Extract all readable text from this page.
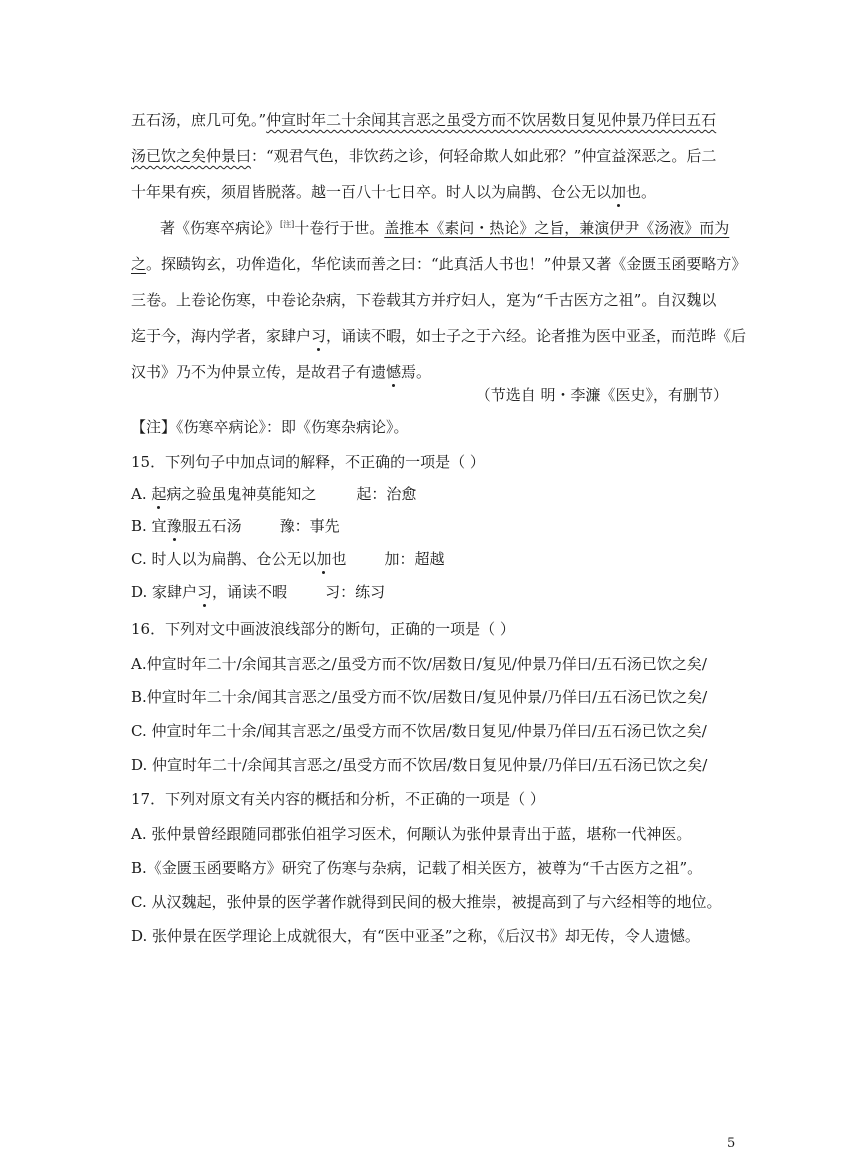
五石汤，庶几可免。”仲宣时年二十余闻其言恶之虽受方而不饮居数日复见仲景乃佯曰五石
汤已饮之矣仲景曰：“观君气色，非饮药之诊，何轻命欺人如此邪？”仲宣益深恶之。后二
十年果有疾，须眉皆脱落。越一百八十七日卒。时人以为扁鹊、仓公无以加也。
著《伤寒卒病论》[注]十卷行于世。盖推本《素问・热论》之旨，兼演伊尹《汤液》而为
之。探赜钩玄，功侔造化，华佗读而善之曰：“此真活人书也！”仲景又著《金匮玉函要略方》
三卷。上卷论伤寒，中卷论杂病，下卷载其方并疗妇人，寔为“千古医方之祖”。自汉魏以
迄于今，海内学者，家肆户习，诵读不暇，如士子之于六经。论者推为医中亚圣，而范晔《后
汉书》乃不为仲景立传，是故君子有遗憾焉。
（节选自 明・李濂《医史》，有删节）
【注】《伤寒卒病论》：即《伤寒杂病论》。
15．下列句子中加点词的解释，不正确的一项是（ ）
A. 起病之验虽鬼神莫能知之	起：治愈
B. 宜豫服五石汤	豫：事先
C. 时人以为扁鹊、仓公无以加也	加：超越
D. 家肆户习，诵读不暇	习：练习
16．下列对文中画波浪线部分的断句，正确的一项是（ ）
A.仲宣时年二十/余闻其言恶之/虽受方而不饮/居数日/复见/仲景乃佯曰/五石汤已饮之矣/
B.仲宣时年二十余/闻其言恶之/虽受方而不饮/居数日/复见仲景/乃佯曰/五石汤已饮之矣/
C. 仲宣时年二十余/闻其言恶之/虽受方而不饮居/数日复见/仲景乃佯曰/五石汤已饮之矣/
D. 仲宣时年二十/余闻其言恶之/虽受方而不饮居/数日复见仲景/乃佯曰/五石汤已饮之矣/
17．下列对原文有关内容的概括和分析，不正确的一项是（ ）
A. 张仲景曾经跟随同郡张伯祖学习医术，何颙认为张仲景青出于蓝，堪称一代神医。
B.《金匮玉函要略方》研究了伤寒与杂病，记载了相关医方，被尊为“千古医方之祖”。
C. 从汉魏起，张仲景的医学著作就得到民间的极大推崇，被提高到了与六经相等的地位。
D. 张仲景在医学理论上成就很大，有“医中亚圣”之称，《后汉书》却无传，令人遗憾。
5
